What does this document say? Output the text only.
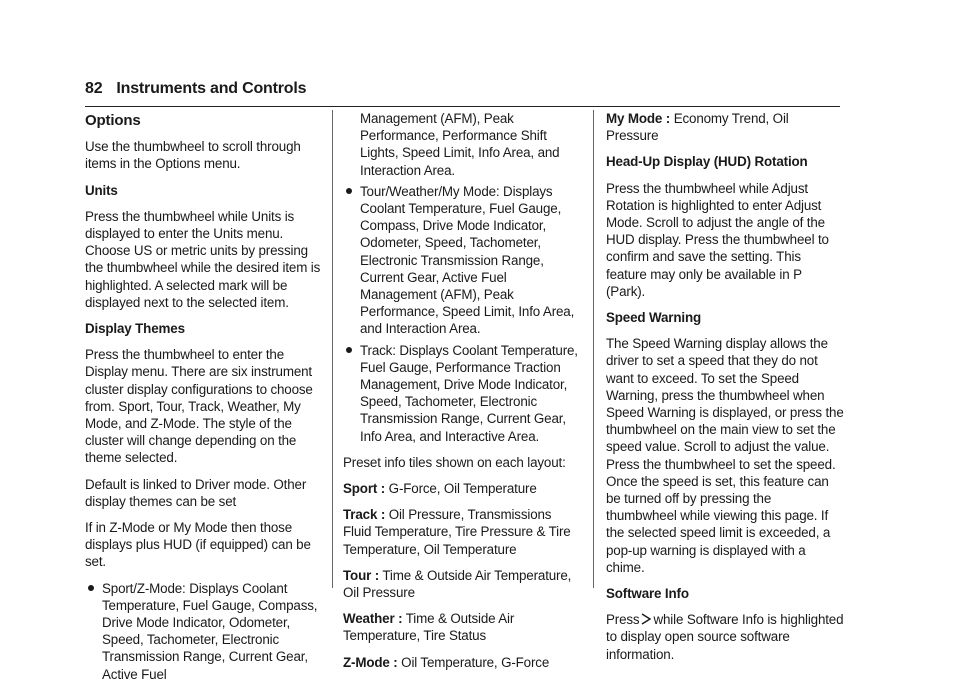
82 Instruments and Controls
Options

Use the thumbwheel to scroll through items in the Options menu.

Units

Press the thumbwheel while Units is displayed to enter the Units menu. Choose US or metric units by pressing the thumbwheel while the desired item is highlighted. A selected mark will be displayed next to the selected item.

Display Themes

Press the thumbwheel to enter the Display menu. There are six instrument cluster display configurations to choose from. Sport, Tour, Track, Weather, My Mode, and Z-Mode. The style of the cluster will change depending on the theme selected.

Default is linked to Driver mode. Other display themes can be set

If in Z-Mode or My Mode then those displays plus HUD (if equipped) can be set.

Sport/Z-Mode: Displays Coolant Temperature, Fuel Gauge, Compass, Drive Mode Indicator, Odometer, Speed, Tachometer, Electronic Transmission Range, Current Gear, Active Fuel

Management (AFM), Peak Performance, Performance Shift Lights, Speed Limit, Info Area, and Interaction Area.

Tour/Weather/My Mode: Displays Coolant Temperature, Fuel Gauge, Compass, Drive Mode Indicator, Odometer, Speed, Tachometer, Electronic Transmission Range, Current Gear, Active Fuel Management (AFM), Peak Performance, Speed Limit, Info Area, and Interaction Area.
Track: Displays Coolant Temperature, Fuel Gauge, Performance Traction Management, Drive Mode Indicator, Speed, Tachometer, Electronic Transmission Range, Current Gear, Info Area, and Interactive Area.

Preset info tiles shown on each layout:

Sport : G-Force, Oil Temperature

Track : Oil Pressure, Transmissions Fluid Temperature, Tire Pressure & Tire Temperature, Oil Temperature

Tour : Time & Outside Air Temperature, Oil Pressure

Weather : Time & Outside Air Temperature, Tire Status

Z-Mode : Oil Temperature, G-Force

My Mode : Economy Trend, Oil Pressure

Head-Up Display (HUD) Rotation

Press the thumbwheel while Adjust Rotation is highlighted to enter Adjust Mode. Scroll to adjust the angle of the HUD display. Press the thumbwheel to confirm and save the setting. This feature may only be available in P (Park).

Speed Warning

The Speed Warning display allows the driver to set a speed that they do not want to exceed. To set the Speed Warning, press the thumbwheel when Speed Warning is displayed, or press the thumbwheel on the main view to set the speed value. Scroll to adjust the value. Press the thumbwheel to set the speed. Once the speed is set, this feature can be turned off by pressing the thumbwheel while viewing this page. If the selected speed limit is exceeded, a pop-up warning is displayed with a chime.

Software Info

Press while Software Info is highlighted to display open source software information.
